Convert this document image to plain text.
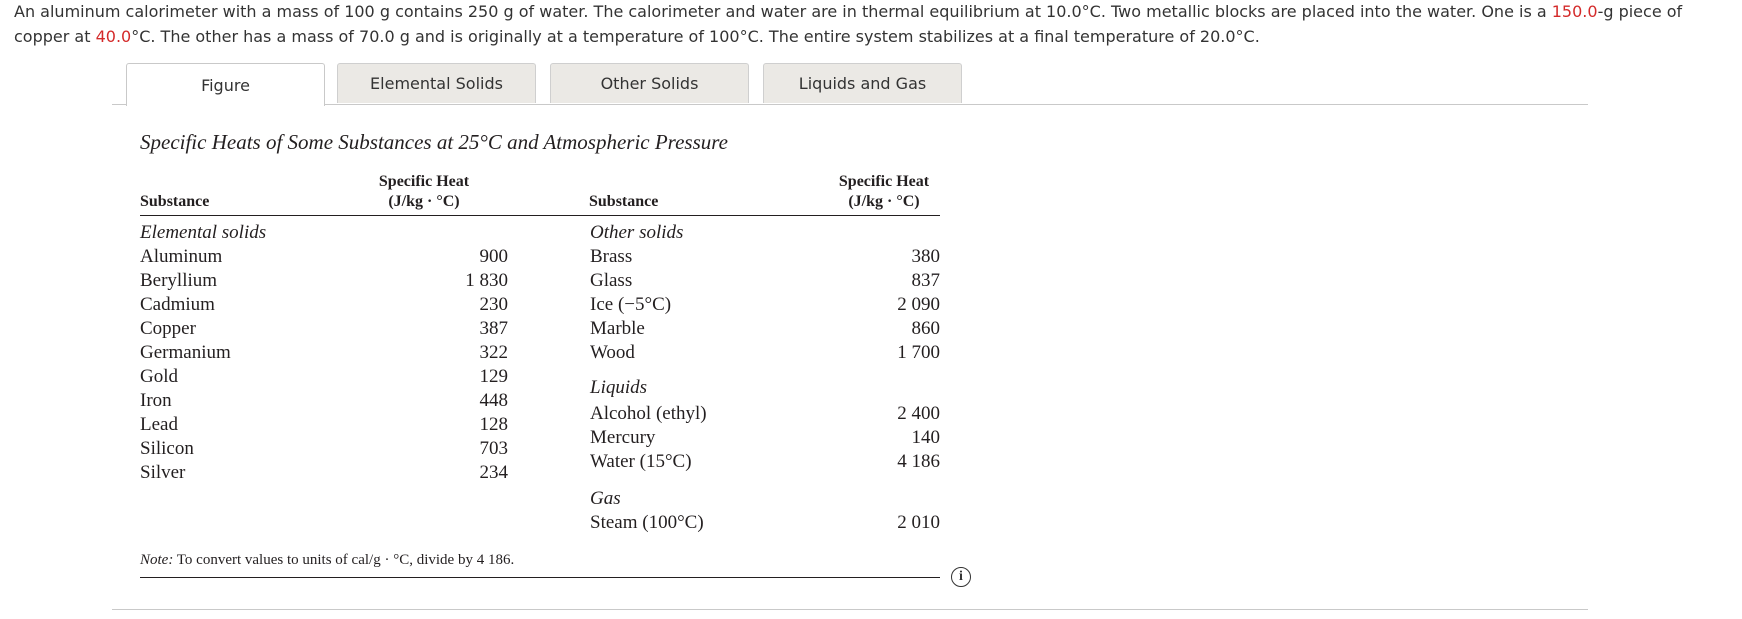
An aluminum calorimeter with a mass of 100 g contains 250 g of water. The calorimeter and water are in thermal equilibrium at 10.0°C. Two metallic blocks are placed into the water. One is a 150.0-g piece of copper at 40.0°C. The other has a mass of 70.0 g and is originally at a temperature of 100°C. The entire system stabilizes at a final temperature of 20.0°C.
Figure	Elemental Solids	Other Solids	Liquids and Gas
Specific Heats of Some Substances at 25°C and Atmospheric Pressure
Substance
Specific Heat
(J/kg · °C)	Substance
Specific Heat
(J/kg · °C)
Elemental solids
Aluminum	900
Beryllium	1 830
Cadmium	230
Copper	387
Germanium	322
Gold	129
Iron	448
Lead	128
Silicon	703
Silver	234
Other solids
Brass	380
Glass	837
Ice (−5°C)	2 090
Marble	860
Wood	1 700
Liquids
Alcohol (ethyl)	2 400
Mercury	140
Water (15°C)	4 186
Gas
Steam (100°C)	2 010
Note: To convert values to units of cal/g · °C, divide by 4 186.
i
